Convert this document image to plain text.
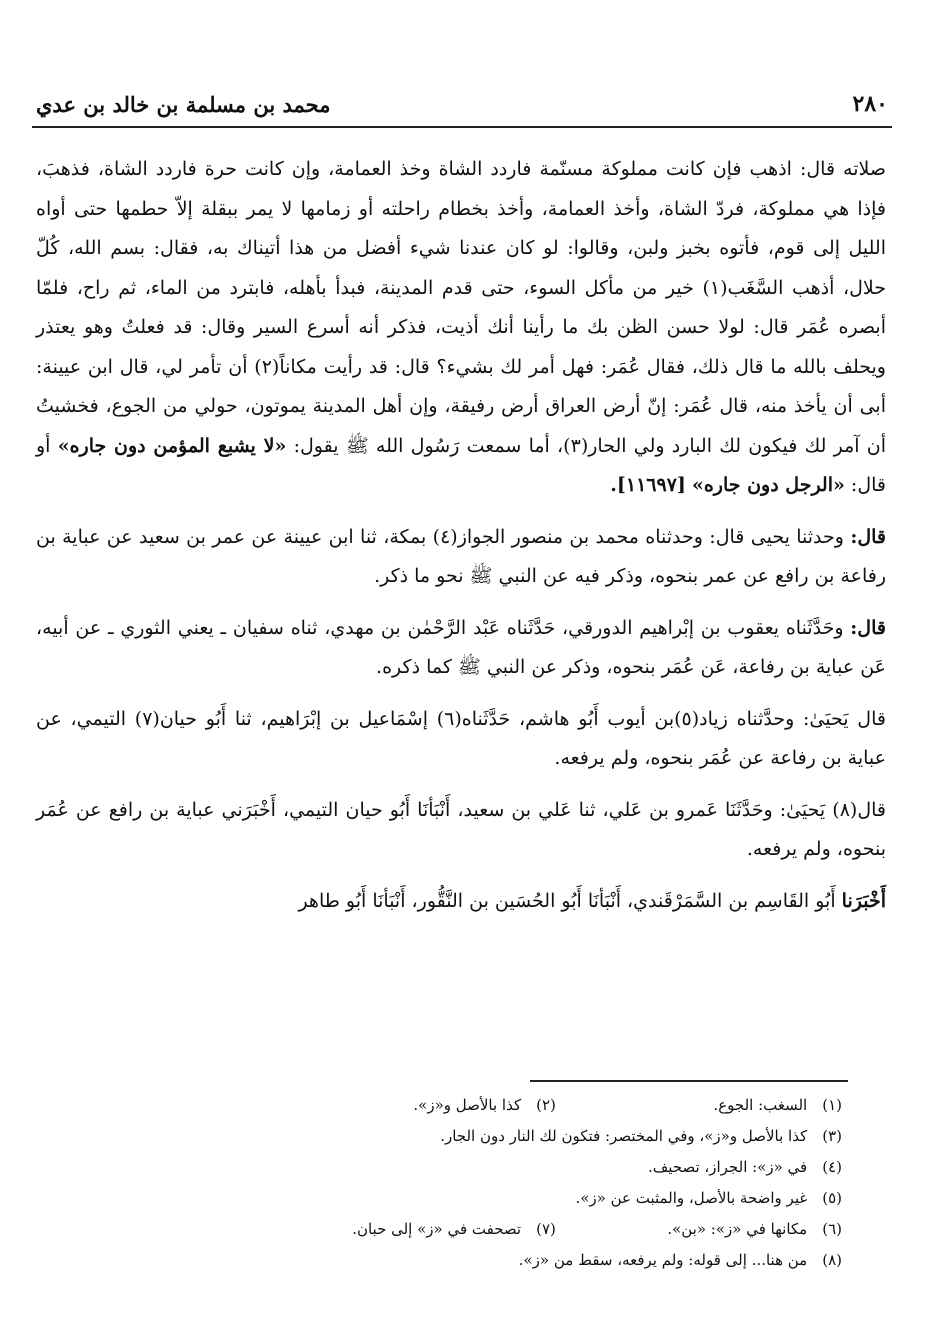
٢٨٠
محمد بن مسلمة بن خالد بن عدي

صلاته قال: اذهب فإن كانت مملوكة مسنّمة فاردد الشاة وخذ العمامة، وإن كانت حرة فاردد الشاة، فذهبَ، فإذا هي مملوكة، فردّ الشاة، وأخذ العمامة، وأخذ بخطام راحلته أو زمامها لا يمر ببقلة إلاّ حطمها حتى أواه الليل إلى قوم، فأتوه بخبز ولبن، وقالوا: لو كان عندنا شيء أفضل من هذا أتيناك به، فقال: بسم الله، كُلّ حلال، أذهب السَّغَب(١) خير من مأكل السوء، حتى قدم المدينة، فبدأ بأهله، فابترد من الماء، ثم راح، فلمّا أبصره عُمَر قال: لولا حسن الظن بك ما رأينا أنك أذيت، فذكر أنه أسرع السير وقال: قد فعلتُ وهو يعتذر ويحلف بالله ما قال ذلك، فقال عُمَر: فهل أمر لك بشيء؟ قال: قد رأيت مكاناً(٢) أن تأمر لي، قال ابن عيينة: أبى أن يأخذ منه، قال عُمَر: إنّ أرض العراق أرض رفيقة، وإن أهل المدينة يموتون، حولي من الجوع، فخشيتُ أن آمر لك فيكون لك البارد ولي الحار(٣)، أما سمعت رَسُول الله ﷺ يقول: «لا يشبع المؤمن دون جاره» أو قال: «الرجل دون جاره» [١١٦٩٧].

قال: وحدثنا يحيى قال: وحدثناه محمد بن منصور الجواز(٤) بمكة، ثنا ابن عيينة عن عمر بن سعيد عن عباية بن رفاعة بن رافع عن عمر بنحوه، وذكر فيه عن النبي ﷺ نحو ما ذكر.

قال: وحَدَّثَناه يعقوب بن إبْراهيم الدورقي، حَدَّثَناه عَبْد الرَّحْمٰن بن مهدي، ثناه سفيان ـ يعني الثوري ـ عن أبيه، عَن عباية بن رفاعة، عَن عُمَر بنحوه، وذكر عن النبي ﷺ كما ذكره.

قال يَحيَىٰ: وحدَّثناه زياد(٥)بن أيوب أَبُو هاشم، حَدَّثَناه(٦) إسْمَاعيل بن إبْرَاهيم، ثنا أَبُو حيان(٧) التيمي، عن عباية بن رفاعة عن عُمَر بنحوه، ولم يرفعه.

قال(٨) يَحيَىٰ: وحَدَّثَنَا عَمرو بن عَلي، ثنا عَلي بن سعيد، أَنْبَأنَا أَبُو حيان التيمي، أَخْبَرَني عباية بن رافع عن عُمَر بنحوه، ولم يرفعه.

أَخْبَرَنا أَبُو القَاسِم بن السَّمَرْقَندي، أَنْبَأنَا أَبُو الحُسَين بن النَّقُّور، أَنْبَأنَا أَبُو طاهر

(١) السغب: الجوع.
(٢) كذا بالأصل و«ز».
(٣) كذا بالأصل و«ز»، وفي المختصر: فتكون لك النار دون الجار.
(٤) في «ز»: الجراز، تصحيف.
(٥) غير واضحة بالأصل، والمثبت عن «ز».
(٦) مكانها في «ز»: «بن».
(٧) تصحفت في «ز» إلى حبان.
(٨) من هنا... إلى قوله: ولم يرفعه، سقط من «ز».
